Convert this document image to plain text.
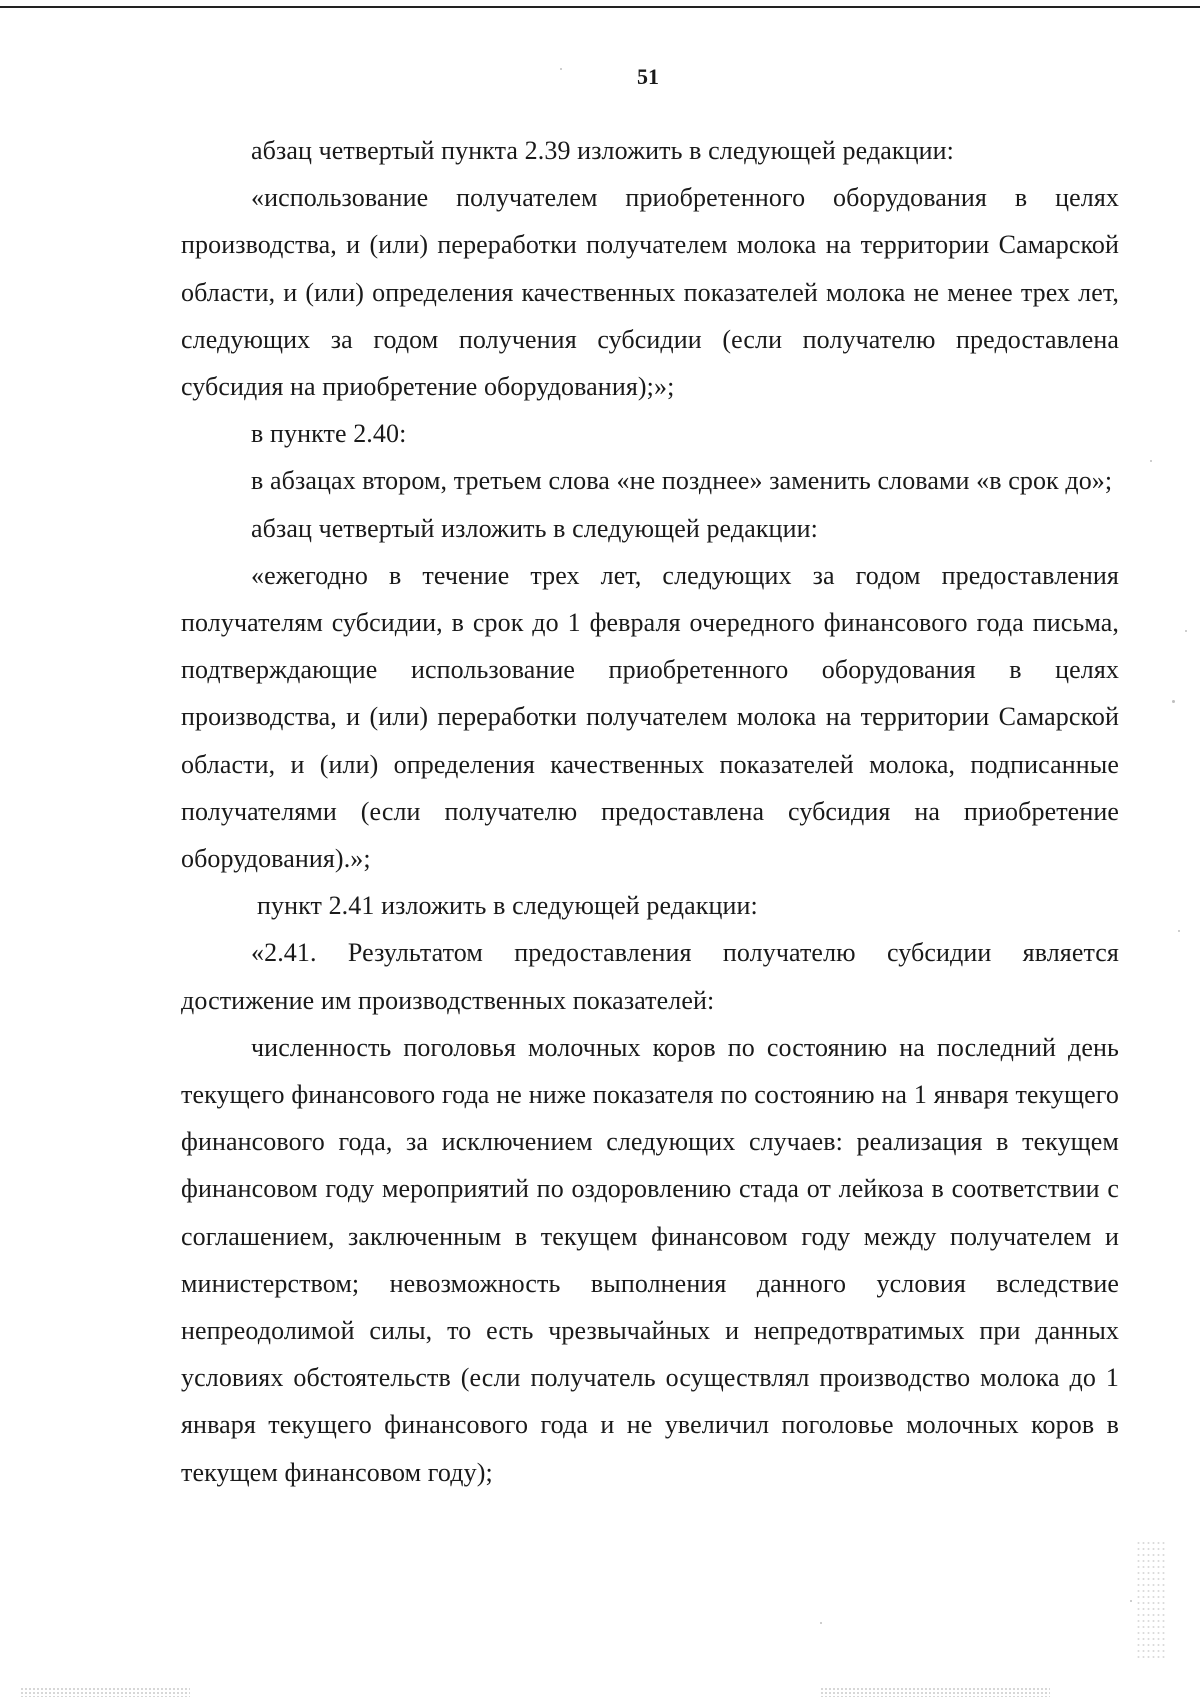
51

абзац четвертый пункта 2.39 изложить в следующей редакции:

«использование получателем приобретенного оборудования в целях производства, и (или) переработки получателем молока на территории Самарской области, и (или) определения качественных показателей молока не менее трех лет, следующих за годом получения субсидии (если получателю предоставлена субсидия на приобретение оборудования);»;

в пункте 2.40:

в абзацах втором, третьем слова «не позднее» заменить словами «в срок до»;

абзац четвертый изложить в следующей редакции:

«ежегодно в течение трех лет, следующих за годом предоставления получателям субсидии, в срок до 1 февраля очередного финансового года письма, подтверждающие использование приобретенного оборудования в целях производства, и (или) переработки получателем молока на территории Самарской области, и (или) определения качественных показателей молока, подписанные получателями (если получателю предоставлена субсидия на приобретение оборудования).»;

пункт 2.41 изложить в следующей редакции:

«2.41. Результатом предоставления получателю субсидии является достижение им производственных показателей:

численность поголовья молочных коров по состоянию на последний день текущего финансового года не ниже показателя по состоянию на 1 января текущего финансового года, за исключением следующих случаев: реализация в текущем финансовом году мероприятий по оздоровлению стада от лейкоза в соответствии с соглашением, заключенным в текущем финансовом году между получателем и министерством; невозможность выполнения данного условия вследствие непреодолимой силы, то есть чрезвычайных и непредотвратимых при данных условиях обстоятельств (если получатель осуществлял производство молока до 1 января текущего финансового года и не увеличил поголовье молочных коров в текущем финансовом году);
